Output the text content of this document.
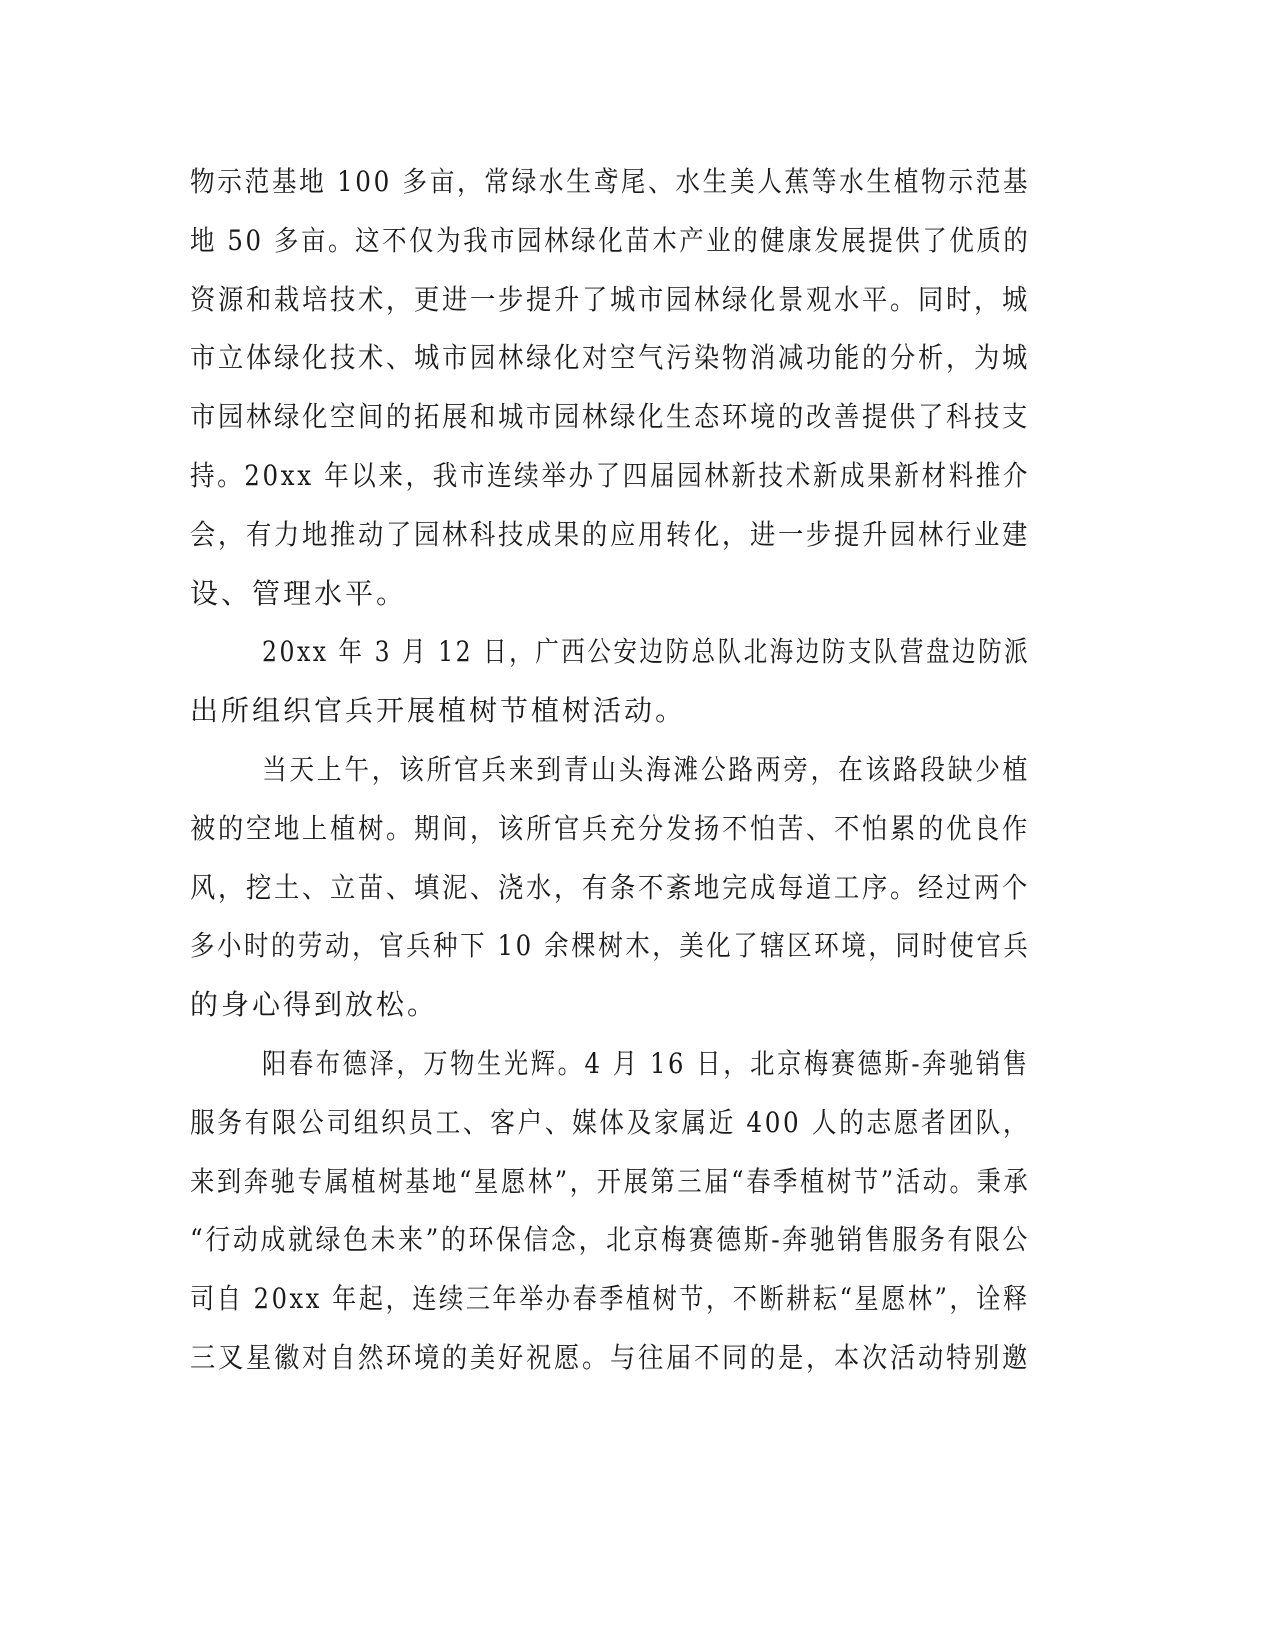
物示范基地 100 多亩，常绿水生鸢尾、水生美人蕉等水生植物示范基
地 50 多亩。这不仅为我市园林绿化苗木产业的健康发展提供了优质的
资源和栽培技术，更进一步提升了城市园林绿化景观水平。同时，城
市立体绿化技术、城市园林绿化对空气污染物消减功能的分析，为城
市园林绿化空间的拓展和城市园林绿化生态环境的改善提供了科技支
持。20xx 年以来，我市连续举办了四届园林新技术新成果新材料推介
会，有力地推动了园林科技成果的应用转化，进一步提升园林行业建
设、管理水平。
20xx 年 3 月 12 日，广西公安边防总队北海边防支队营盘边防派
出所组织官兵开展植树节植树活动。
当天上午，该所官兵来到青山头海滩公路两旁，在该路段缺少植
被的空地上植树。期间，该所官兵充分发扬不怕苦、不怕累的优良作
风，挖土、立苗、填泥、浇水，有条不紊地完成每道工序。经过两个
多小时的劳动，官兵种下 10 余棵树木，美化了辖区环境，同时使官兵
的身心得到放松。
阳春布德泽，万物生光辉。4 月 16 日，北京梅赛德斯-奔驰销售
服务有限公司组织员工、客户、媒体及家属近 400 人的志愿者团队，
来到奔驰专属植树基地“星愿林”，开展第三届“春季植树节”活动。秉承
“行动成就绿色未来”的环保信念，北京梅赛德斯-奔驰销售服务有限公
司自 20xx 年起，连续三年举办春季植树节，不断耕耘“星愿林”，诠释
三叉星徽对自然环境的美好祝愿。与往届不同的是，本次活动特别邀
